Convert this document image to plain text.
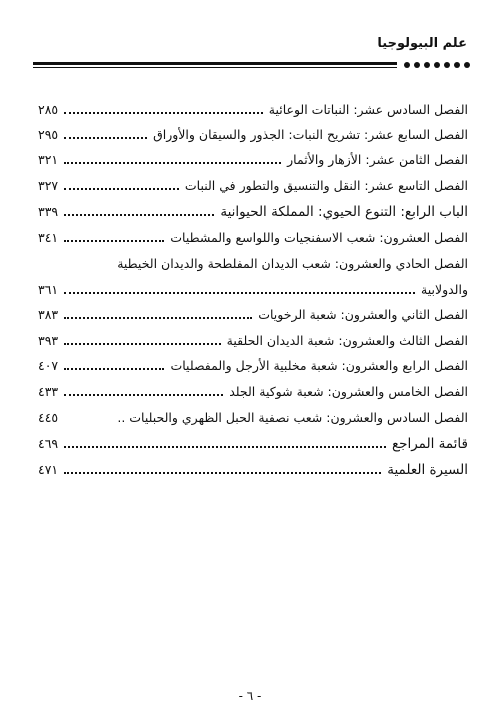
علم البيولوجيا
الفصل السادس عشر: النباتات الوعائية
٢٨٥
الفصل السابع عشر: تشريح النبات: الجذور والسيقان والأوراق
٢٩٥
الفصل الثامن عشر: الأزهار والأثمار
٣٢١
الفصل التاسع عشر: النقل والتنسيق والتطور في النبات
٣٢٧
الباب الرابع: التنوع الحيوي: المملكة الحيوانية
٣٣٩
الفصل العشرون: شعب الاسفنجيات واللواسع والمشطيات
٣٤١
الفصل الحادي والعشرون: شعب الديدان المفلطحة والديدان الخيطية
والدولابية
٣٦١
الفصل الثاني والعشرون: شعبة الرخويات
٣٨٣
الفصل الثالث والعشرون: شعبة الديدان الحلقية
٣٩٣
الفصل الرابع والعشرون: شعبة مخلبية الأرجل والمفصليات
٤٠٧
الفصل الخامس والعشرون: شعبة شوكية الجلد
٤٣٣
الفصل السادس والعشرون: شعب نصفية الحبل الظهري والحبليات ..
٤٤٥
قائمة المراجع
٤٦٩
السيرة العلمية
٤٧١
- ٦ -
